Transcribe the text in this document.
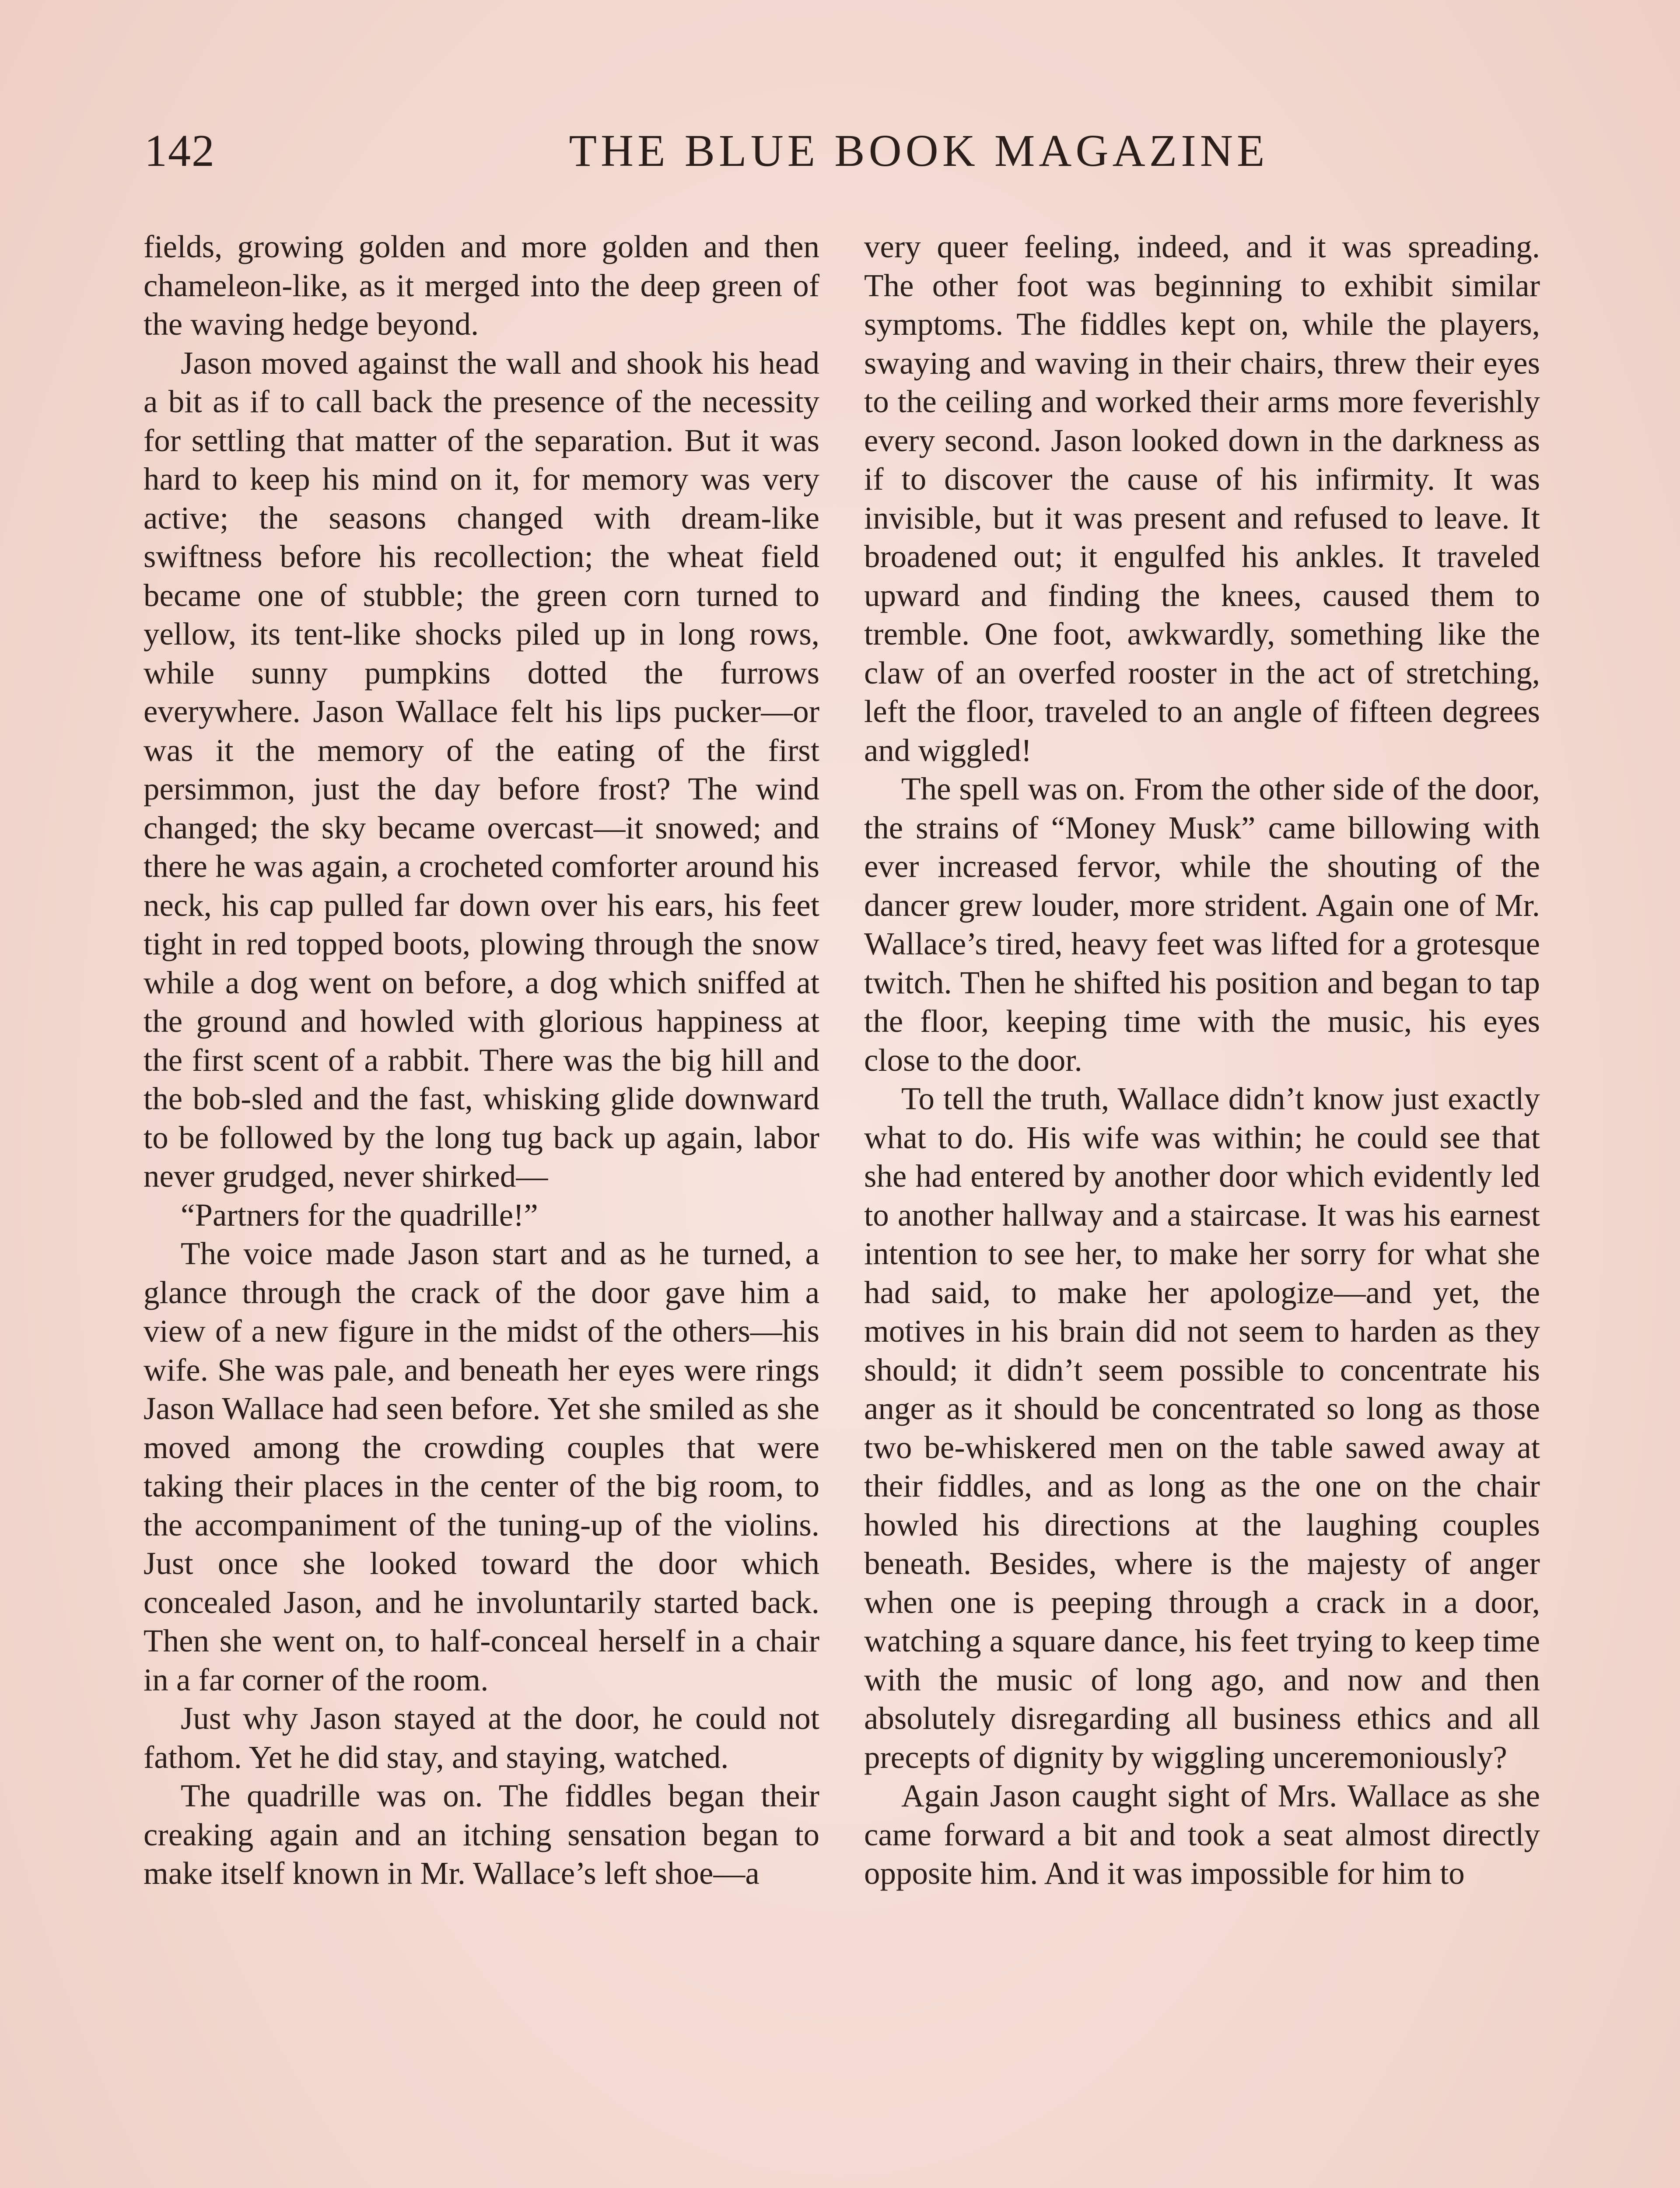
142	THE BLUE BOOK MAGAZINE

fields, growing golden and more golden and then chameleon-like, as it merged into the deep green of the waving hedge beyond.

Jason moved against the wall and shook his head a bit as if to call back the presence of the necessity for settling that matter of the separation. But it was hard to keep his mind on it, for memory was very active; the seasons changed with dream-like swiftness before his recollection; the wheat field became one of stubble; the green corn turned to yellow, its tent-like shocks piled up in long rows, while sunny pumpkins dotted the furrows everywhere. Jason Wallace felt his lips pucker—or was it the memory of the eating of the first persimmon, just the day before frost? The wind changed; the sky became overcast—it snowed; and there he was again, a crocheted comforter around his neck, his cap pulled far down over his ears, his feet tight in red topped boots, plowing through the snow while a dog went on before, a dog which sniffed at the ground and howled with glorious happiness at the first scent of a rabbit. There was the big hill and the bob-sled and the fast, whisking glide downward to be followed by the long tug back up again, labor never grudged, never shirked—

“Partners for the quadrille!”

The voice made Jason start and as he turned, a glance through the crack of the door gave him a view of a new figure in the midst of the others—his wife. She was pale, and beneath her eyes were rings Jason Wallace had seen before. Yet she smiled as she moved among the crowding couples that were taking their places in the center of the big room, to the accompaniment of the tuning-up of the violins. Just once she looked toward the door which concealed Jason, and he involuntarily started back. Then she went on, to half-conceal herself in a chair in a far corner of the room.

Just why Jason stayed at the door, he could not fathom. Yet he did stay, and staying, watched.

The quadrille was on. The fiddles began their creaking again and an itching sensation began to make itself known in Mr. Wallace’s left shoe—a

very queer feeling, indeed, and it was spreading. The other foot was beginning to exhibit similar symptoms. The fiddles kept on, while the players, swaying and waving in their chairs, threw their eyes to the ceiling and worked their arms more feverishly every second. Jason looked down in the darkness as if to discover the cause of his infirmity. It was invisible, but it was present and refused to leave. It broadened out; it engulfed his ankles. It traveled upward and finding the knees, caused them to tremble. One foot, awkwardly, something like the claw of an overfed rooster in the act of stretching, left the floor, traveled to an angle of fifteen degrees and wiggled!

The spell was on. From the other side of the door, the strains of “Money Musk” came billowing with ever increased fervor, while the shouting of the dancer grew louder, more strident. Again one of Mr. Wallace’s tired, heavy feet was lifted for a grotesque twitch. Then he shifted his position and began to tap the floor, keeping time with the music, his eyes close to the door.

To tell the truth, Wallace didn’t know just exactly what to do. His wife was within; he could see that she had entered by another door which evidently led to another hallway and a staircase. It was his earnest intention to see her, to make her sorry for what she had said, to make her apologize—and yet, the motives in his brain did not seem to harden as they should; it didn’t seem possible to concentrate his anger as it should be concentrated so long as those two be-whiskered men on the table sawed away at their fiddles, and as long as the one on the chair howled his directions at the laughing couples beneath. Besides, where is the majesty of anger when one is peeping through a crack in a door, watching a square dance, his feet trying to keep time with the music of long ago, and now and then absolutely disregarding all business ethics and all precepts of dignity by wiggling unceremoniously?

Again Jason caught sight of Mrs. Wallace as she came forward a bit and took a seat almost directly opposite him. And it was impossible for him to
